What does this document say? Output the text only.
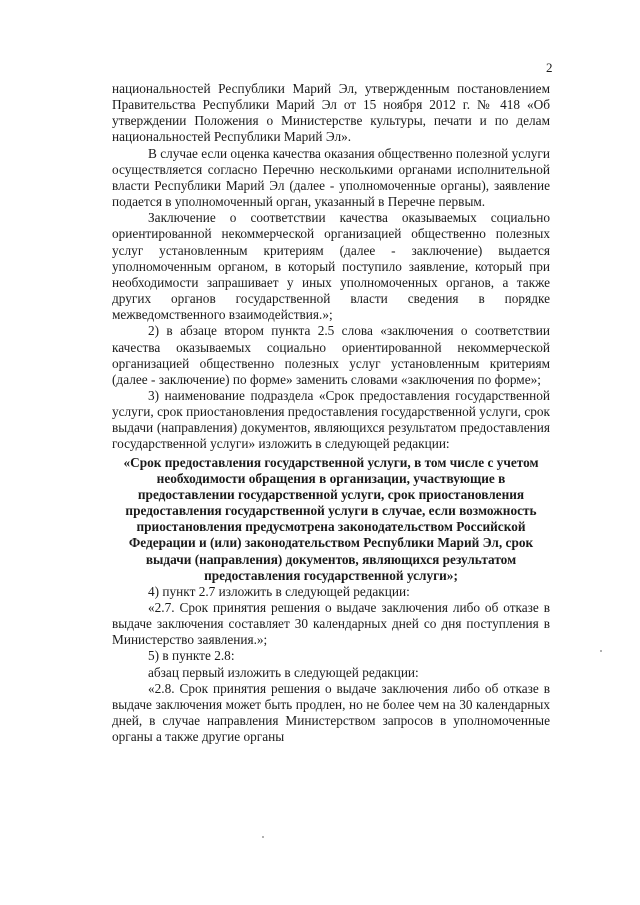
2

национальностей Республики Марий Эл, утвержденным постановлением Правительства Республики Марий Эл от 15 ноября 2012 г. № 418 «Об утверждении Положения о Министерстве культуры, печати и по делам национальностей Республики Марий Эл».

В случае если оценка качества оказания общественно полезной услуги осуществляется согласно Перечню несколькими органами исполнительной власти Республики Марий Эл (далее - уполномоченные органы), заявление подается в уполномоченный орган, указанный в Перечне первым.

Заключение о соответствии качества оказываемых социально ориентированной некоммерческой организацией общественно полезных услуг установленным критериям (далее - заключение) выдается уполномоченным органом, в который поступило заявление, который при необходимости запрашивает у иных уполномоченных органов, а также других органов государственной власти сведения в порядке межведомственного взаимодействия.»;

2) в абзаце втором пункта 2.5 слова «заключения о соответствии качества оказываемых социально ориентированной некоммерческой организацией общественно полезных услуг установленным критериям (далее - заключение) по форме» заменить словами «заключения по форме»;

3) наименование подраздела «Срок предоставления государственной услуги, срок приостановления предоставления государственной услуги, срок выдачи (направления) документов, являющихся результатом предоставления государственной услуги» изложить в следующей редакции:

«Срок предоставления государственной услуги, в том числе с учетом необходимости обращения в организации, участвующие в предоставлении государственной услуги, срок приостановления предоставления государственной услуги в случае, если возможность приостановления предусмотрена законодательством Российской Федерации и (или) законодательством Республики Марий Эл, срок выдачи (направления) документов, являющихся результатом предоставления государственной услуги»;

4) пункт 2.7 изложить в следующей редакции:

«2.7. Срок принятия решения о выдаче заключения либо об отказе в выдаче заключения составляет 30 календарных дней со дня поступления в Министерство заявления.»;

5) в пункте 2.8:

абзац первый изложить в следующей редакции:

«2.8. Срок принятия решения о выдаче заключения либо об отказе в выдаче заключения может быть продлен, но не более чем на 30 календарных дней, в случае направления Министерством запросов в уполномоченные органы а также другие органы
